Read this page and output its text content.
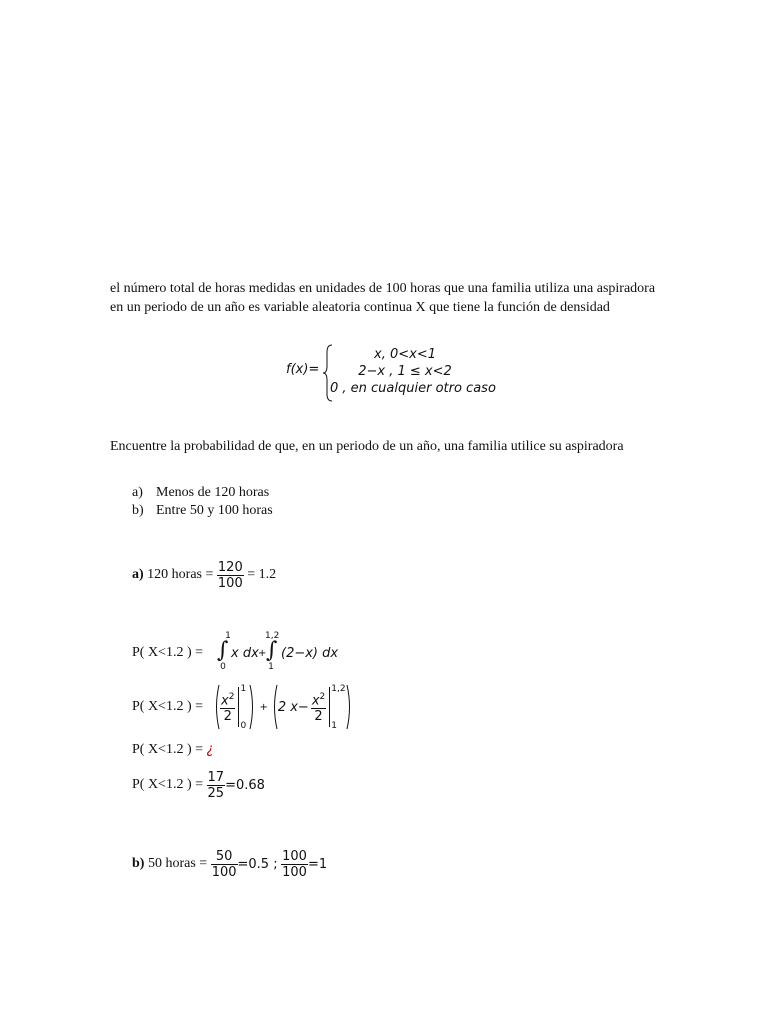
el número total de horas medidas en unidades de 100 horas que una familia utiliza una aspiradora en un periodo de un año es variable aleatoria continua X que tiene la función de densidad
f(x)=
x, 0<x<1
2−x , 1 ≤ x<2
0 , en cualquier otro caso
Encuentre la probabilidad de que, en un periodo de un año, una familia utilice su aspiradora
a) Menos de 120 horas
b) Entre 50 y 100 horas
a)
120 horas =
$\frac{120}{100}$
= 1.2
P( X<1.2 ) =
1
∫
0
x dx +
1,2
∫
1
(2−x) dx
P( X<1.2 ) = $\frac{x^2}{2}$
1
0
+ 2 $x- \frac{x^2}{2}$
1,2
1
P( X<1.2 ) = ¿
P( X<1.2 ) =
$\frac{17}{25} =0.68$
b)
50 horas =
$\frac{50}{100} =0.5$ ;
$\frac{100}{100} =1$
